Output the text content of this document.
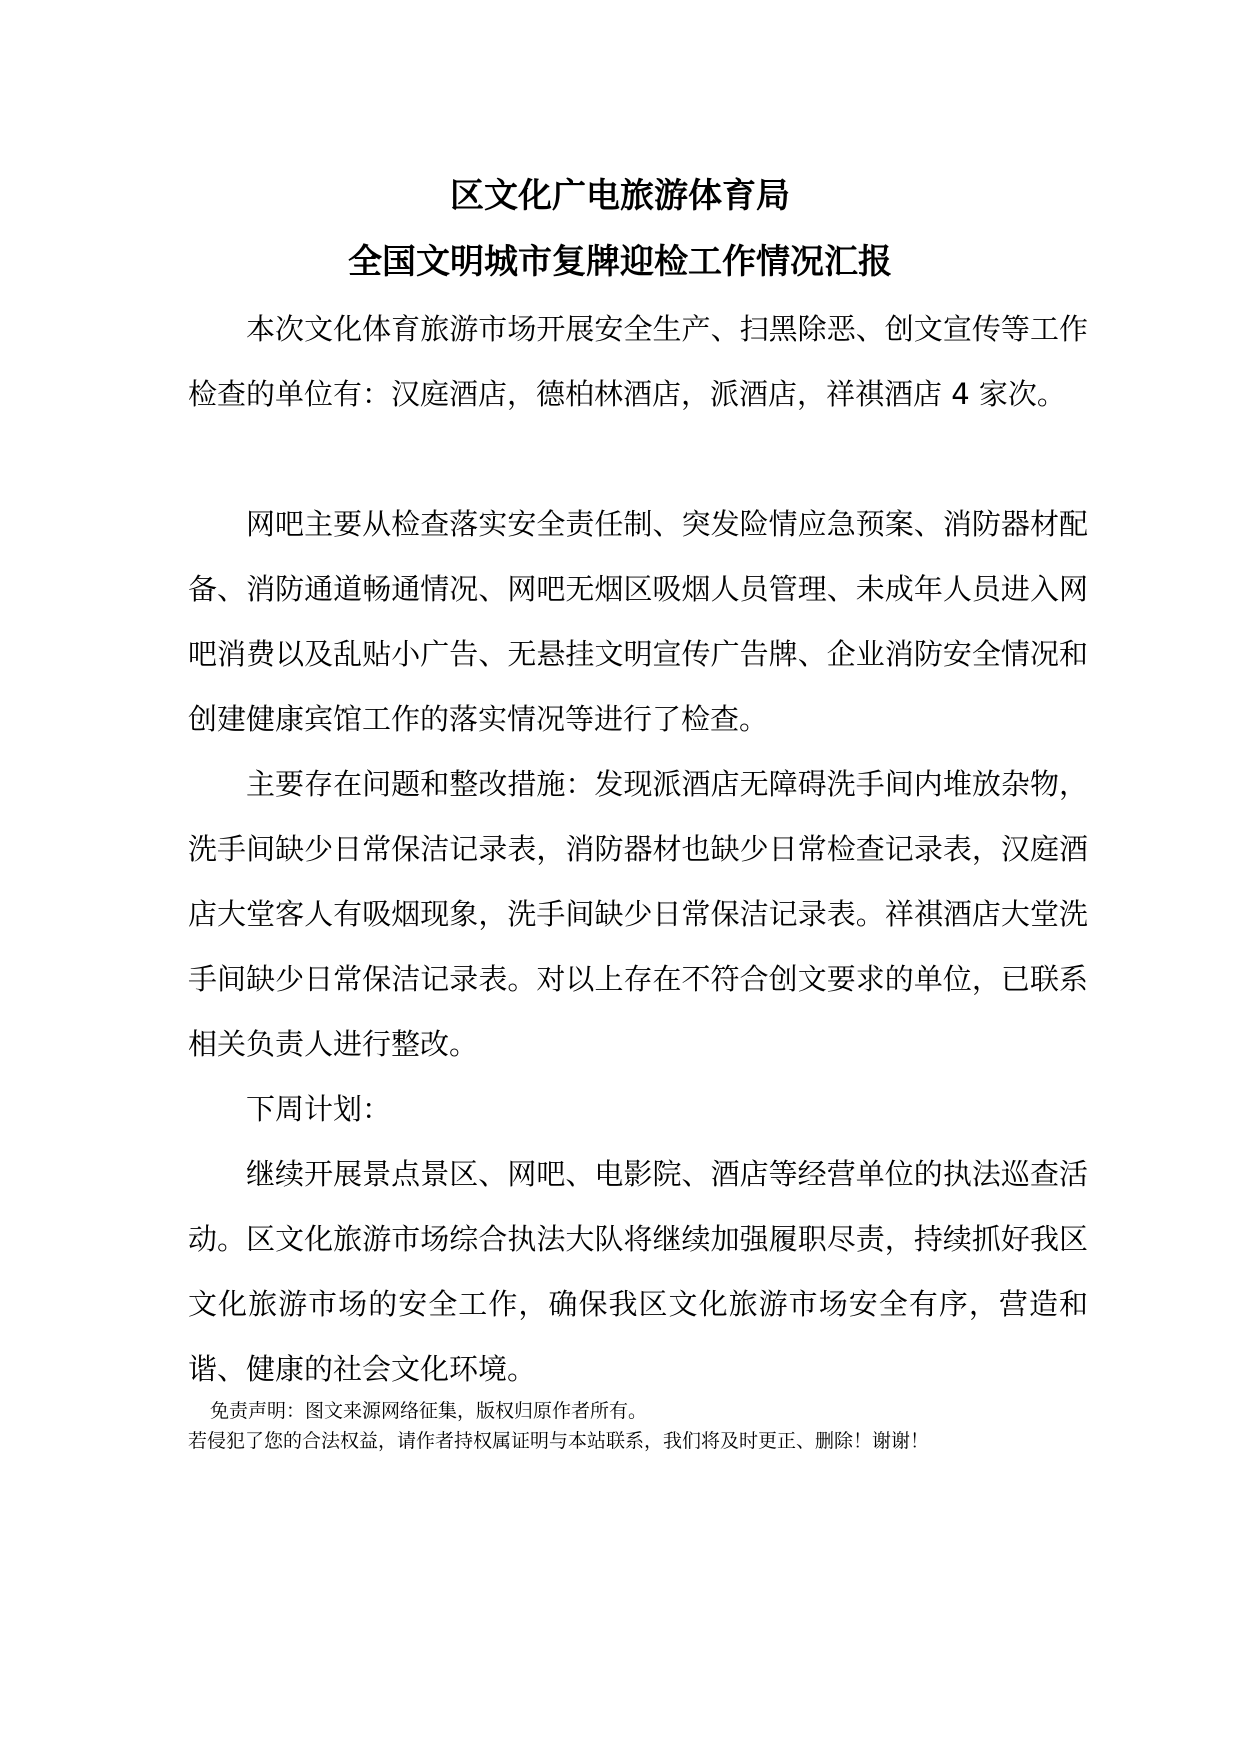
区文化广电旅游体育局
全国文明城市复牌迎检工作情况汇报

本次文化体育旅游市场开展安全生产、扫黑除恶、创文宣传等工作检查的单位有：汉庭酒店，德柏林酒店，派酒店，祥祺酒店 4 家次。

网吧主要从检查落实安全责任制、突发险情应急预案、消防器材配备、消防通道畅通情况、网吧无烟区吸烟人员管理、未成年人员进入网吧消费以及乱贴小广告、无悬挂文明宣传广告牌、企业消防安全情况和创建健康宾馆工作的落实情况等进行了检查。

主要存在问题和整改措施：发现派酒店无障碍洗手间内堆放杂物，洗手间缺少日常保洁记录表，消防器材也缺少日常检查记录表，汉庭酒店大堂客人有吸烟现象，洗手间缺少日常保洁记录表。祥祺酒店大堂洗手间缺少日常保洁记录表。对以上存在不符合创文要求的单位，已联系相关负责人进行整改。

下周计划：

继续开展景点景区、网吧、电影院、酒店等经营单位的执法巡查活动。区文化旅游市场综合执法大队将继续加强履职尽责，持续抓好我区文化旅游市场的安全工作，确保我区文化旅游市场安全有序，营造和谐、健康的社会文化环境。

免责声明：图文来源网络征集，版权归原作者所有。
若侵犯了您的合法权益，请作者持权属证明与本站联系，我们将及时更正、删除！谢谢！
